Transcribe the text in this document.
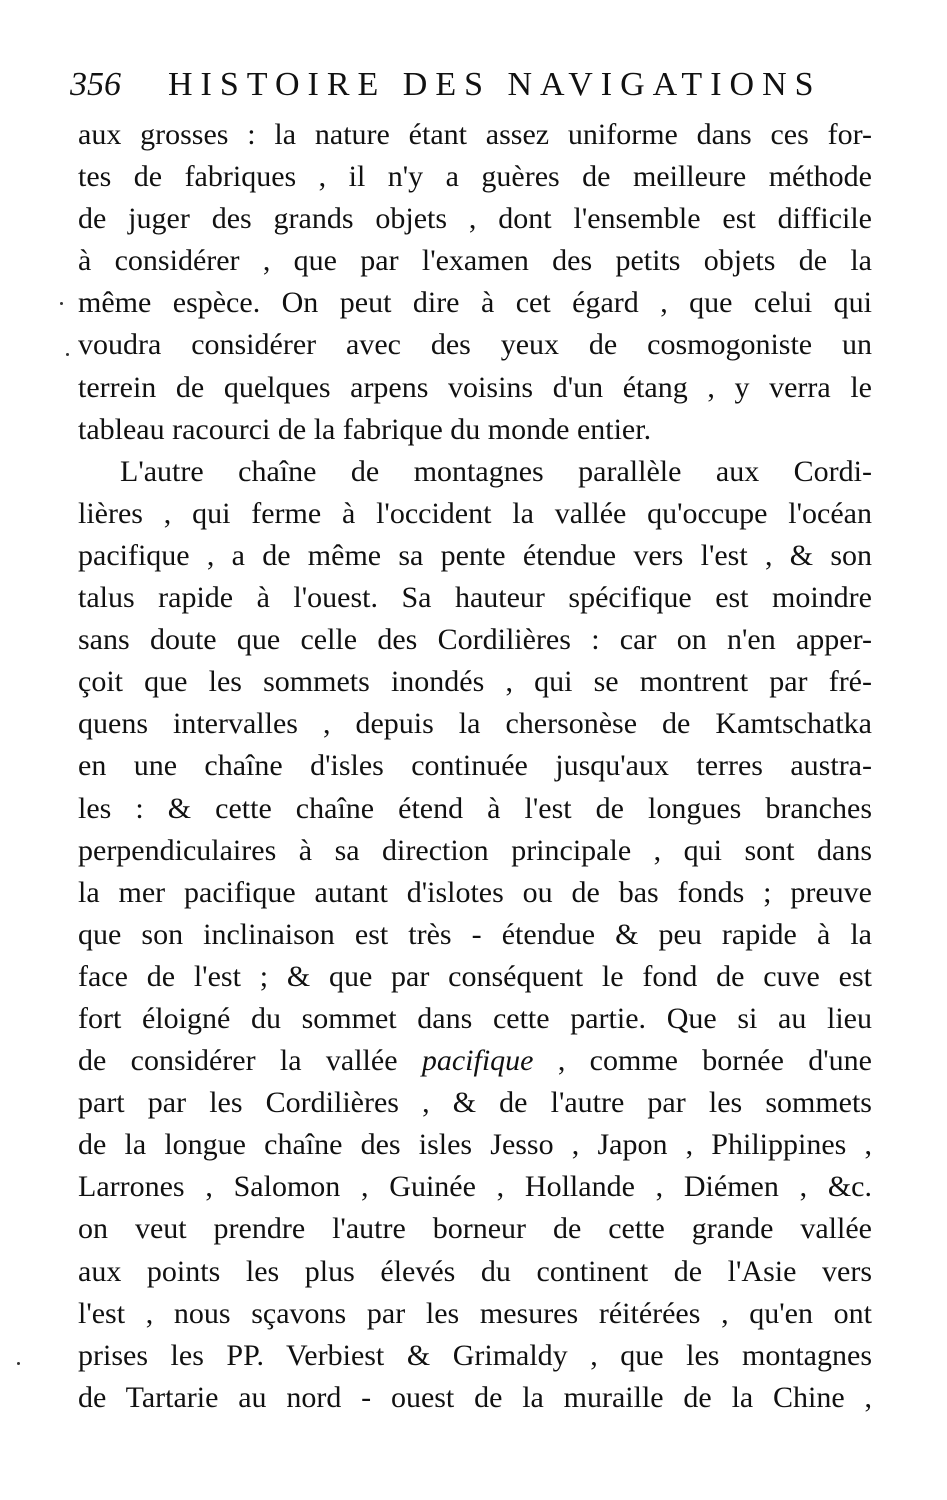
356 HISTOIRE DES NAVIGATIONS
aux grosses : la nature étant assez uniforme dans ces for-
tes de fabriques , il n'y a guères de meilleure méthode
de juger des grands objets , dont l'ensemble est difficile
à considérer , que par l'examen des petits objets de la
même espèce. On peut dire à cet égard , que celui qui
voudra considérer avec des yeux de cosmogoniste un
terrein de quelques arpens voisins d'un étang , y verra le
tableau racourci de la fabrique du monde entier.
L'autre chaîne de montagnes parallèle aux Cordi-
lières , qui ferme à l'occident la vallée qu'occupe l'océan
pacifique , a de même sa pente étendue vers l'est , & son
talus rapide à l'ouest. Sa hauteur spécifique est moindre
sans doute que celle des Cordilières : car on n'en apper-
çoit que les sommets inondés , qui se montrent par fré-
quens intervalles , depuis la chersonèse de Kamtschatka
en une chaîne d'isles continuée jusqu'aux terres austra-
les : & cette chaîne étend à l'est de longues branches
perpendiculaires à sa direction principale , qui sont dans
la mer pacifique autant d'islotes ou de bas fonds ; preuve
que son inclinaison est très - étendue & peu rapide à la
face de l'est ; & que par conséquent le fond de cuve est
fort éloigné du sommet dans cette partie. Que si au lieu
de considérer la vallée pacifique , comme bornée d'une
part par les Cordilières , & de l'autre par les sommets
de la longue chaîne des isles Jesso , Japon , Philippines ,
Larrones , Salomon , Guinée , Hollande , Diémen , &c.
on veut prendre l'autre borneur de cette grande vallée
aux points les plus élevés du continent de l'Asie vers
l'est , nous sçavons par les mesures réitérées , qu'en ont
prises les PP. Verbiest & Grimaldy , que les montagnes
de Tartarie au nord - ouest de la muraille de la Chine ,
